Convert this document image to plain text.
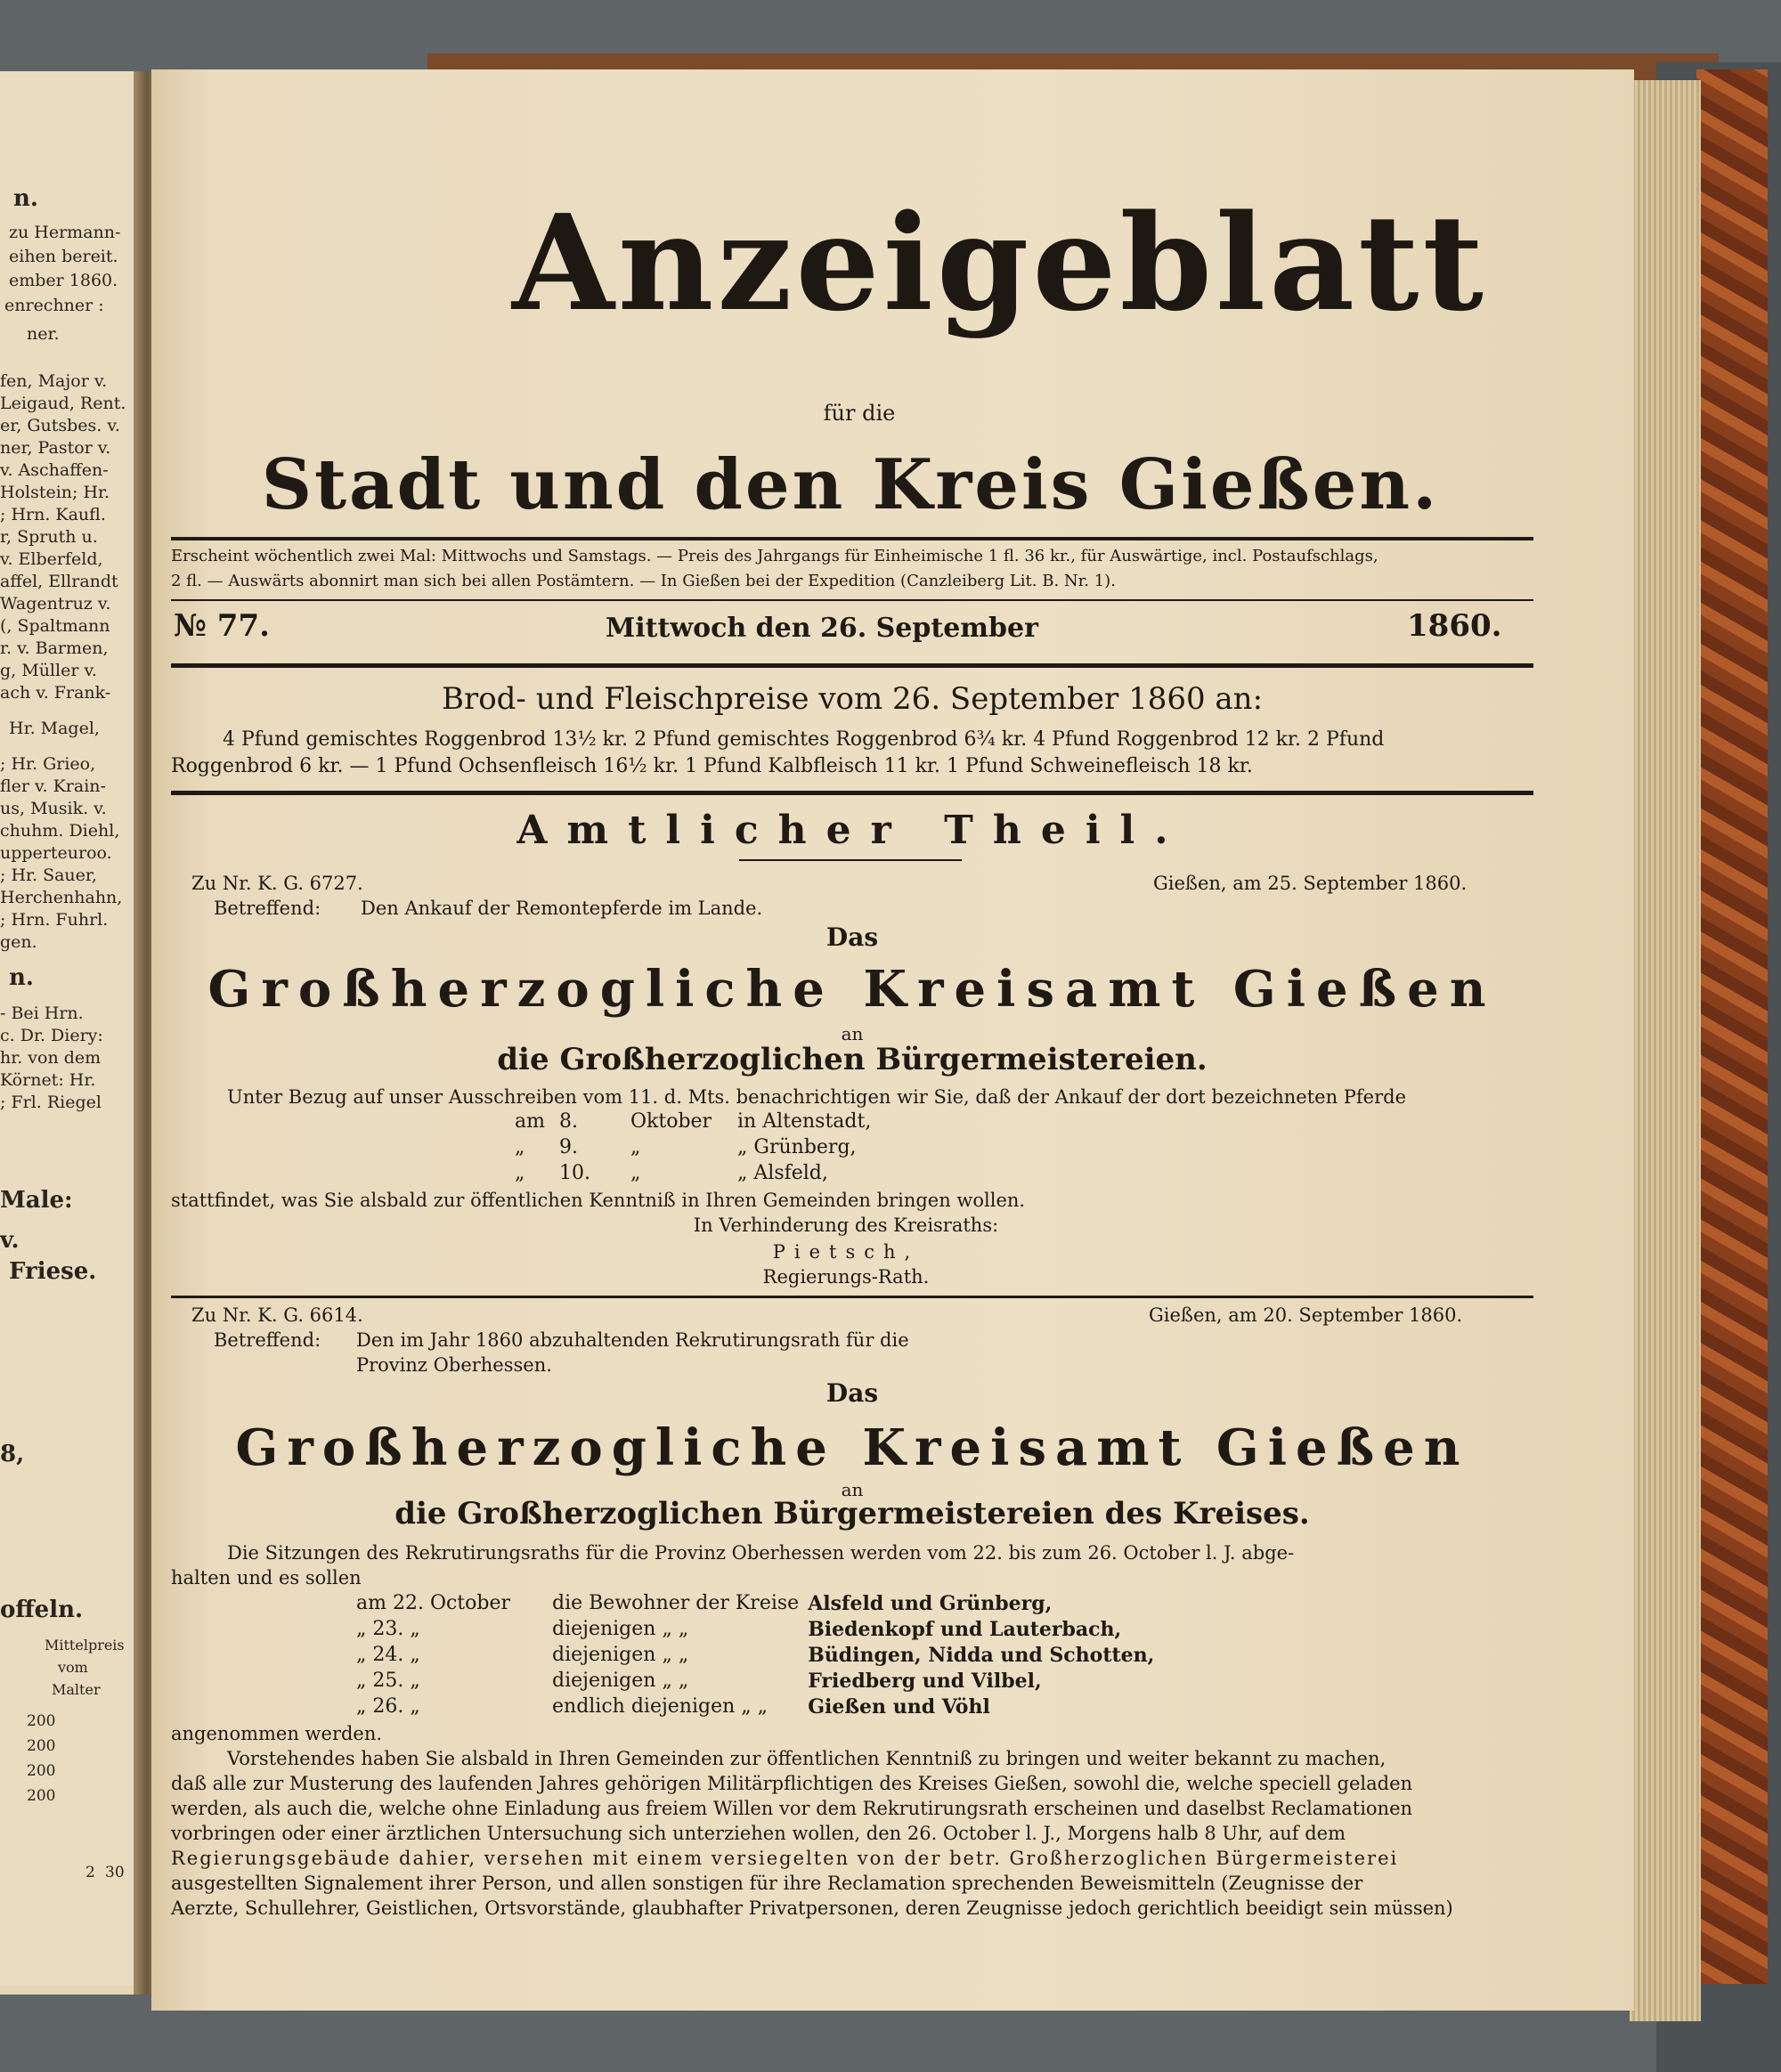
n.
zu Hermann-
eihen bereit.
ember 1860.
enrechner :
ner.
fen, Major v.
Leigaud, Rent.
er, Gutsbes. v.
ner, Pastor v.
v. Aschaffen-
Holstein; Hr.
; Hrn. Kaufl.
r, Spruth u.
v. Elberfeld,
affel, Ellrandt
Wagentruz v.
(, Spaltmann
r. v. Barmen,
g, Müller v.
ach v. Frank-
Hr. Magel,
; Hr. Grieo,
fler v. Krain-
us, Musik. v.
chuhm. Diehl,
upperteuroo.
; Hr. Sauer,
Herchenhahn,
; Hrn. Fuhrl.
gen.
n.
- Bei Hrn.
c. Dr. Diery:
hr. von dem
Körnet: Hr.
; Frl. Riegel
Male:
v.
Friese.
8,
offeln.
Mittelpreis
vom
Malter
200
200
200
200
2 30
Anzeigeblatt
für die
Stadt und den Kreis Gießen.
Erscheint wöchentlich zwei Mal: Mittwochs und Samstags. — Preis des Jahrgangs für Einheimische 1 fl. 36 kr., für Auswärtige, incl. Postaufschlags,
2 fl. — Auswärts abonnirt man sich bei allen Postämtern. — In Gießen bei der Expedition (Canzleiberg Lit. B. Nr. 1).
№ 77.	Mittwoch den 26. September	1860.
Brod- und Fleischpreise vom 26. September 1860 an:
4 Pfund gemischtes Roggenbrod 13½ kr. 2 Pfund gemischtes Roggenbrod 6¾ kr. 4 Pfund Roggenbrod 12 kr. 2 Pfund
Roggenbrod 6 kr. — 1 Pfund Ochsenfleisch 16½ kr. 1 Pfund Kalbfleisch 11 kr. 1 Pfund Schweinefleisch 18 kr.
Amtlicher Theil.
Zu Nr. K. G. 6727.	Gießen, am 25. September 1860.
Betreffend: Den Ankauf der Remontepferde im Lande.
Das
Großherzogliche Kreisamt Gießen
an
die Großherzoglichen Bürgermeistereien.
Unter Bezug auf unser Ausschreiben vom 11. d. Mts. benachrichtigen wir Sie, daß der Ankauf der dort bezeichneten Pferde
am	8.	Oktober	in Altenstadt,
„	9.	„	„ Grünberg,
„	10.	„	„ Alsfeld,
stattfindet, was Sie alsbald zur öffentlichen Kenntniß in Ihren Gemeinden bringen wollen.
In Verhinderung des Kreisraths:
Pietsch,
Regierungs-Rath.
Zu Nr. K. G. 6614.	Gießen, am 20. September 1860.
Betreffend: Den im Jahr 1860 abzuhaltenden Rekrutirungsrath für die
Provinz Oberhessen.
Das
Großherzogliche Kreisamt Gießen
an
die Großherzoglichen Bürgermeistereien des Kreises.
Die Sitzungen des Rekrutirungsraths für die Provinz Oberhessen werden vom 22. bis zum 26. October l. J. abge-
halten und es sollen
am 22. October	die Bewohner der Kreise	Alsfeld und Grünberg,
„ 23. „	diejenigen „ „	Biedenkopf und Lauterbach,
„ 24. „	diejenigen „ „	Büdingen, Nidda und Schotten,
„ 25. „	diejenigen „ „	Friedberg und Vilbel,
„ 26. „	endlich diejenigen „ „	Gießen und Vöhl
angenommen werden.
Vorstehendes haben Sie alsbald in Ihren Gemeinden zur öffentlichen Kenntniß zu bringen und weiter bekannt zu machen,
daß alle zur Musterung des laufenden Jahres gehörigen Militärpflichtigen des Kreises Gießen, sowohl die, welche speciell geladen
werden, als auch die, welche ohne Einladung aus freiem Willen vor dem Rekrutirungsrath erscheinen und daselbst Reclamationen
vorbringen oder einer ärztlichen Untersuchung sich unterziehen wollen, den 26. October l. J., Morgens halb 8 Uhr, auf dem
Regierungsgebäude dahier, versehen mit einem versiegelten von der betr. Großherzoglichen Bürgermeisterei
ausgestellten Signalement ihrer Person, und allen sonstigen für ihre Reclamation sprechenden Beweismitteln (Zeugnisse der
Aerzte, Schullehrer, Geistlichen, Ortsvorstände, glaubhafter Privatpersonen, deren Zeugnisse jedoch gerichtlich beeidigt sein müssen)
